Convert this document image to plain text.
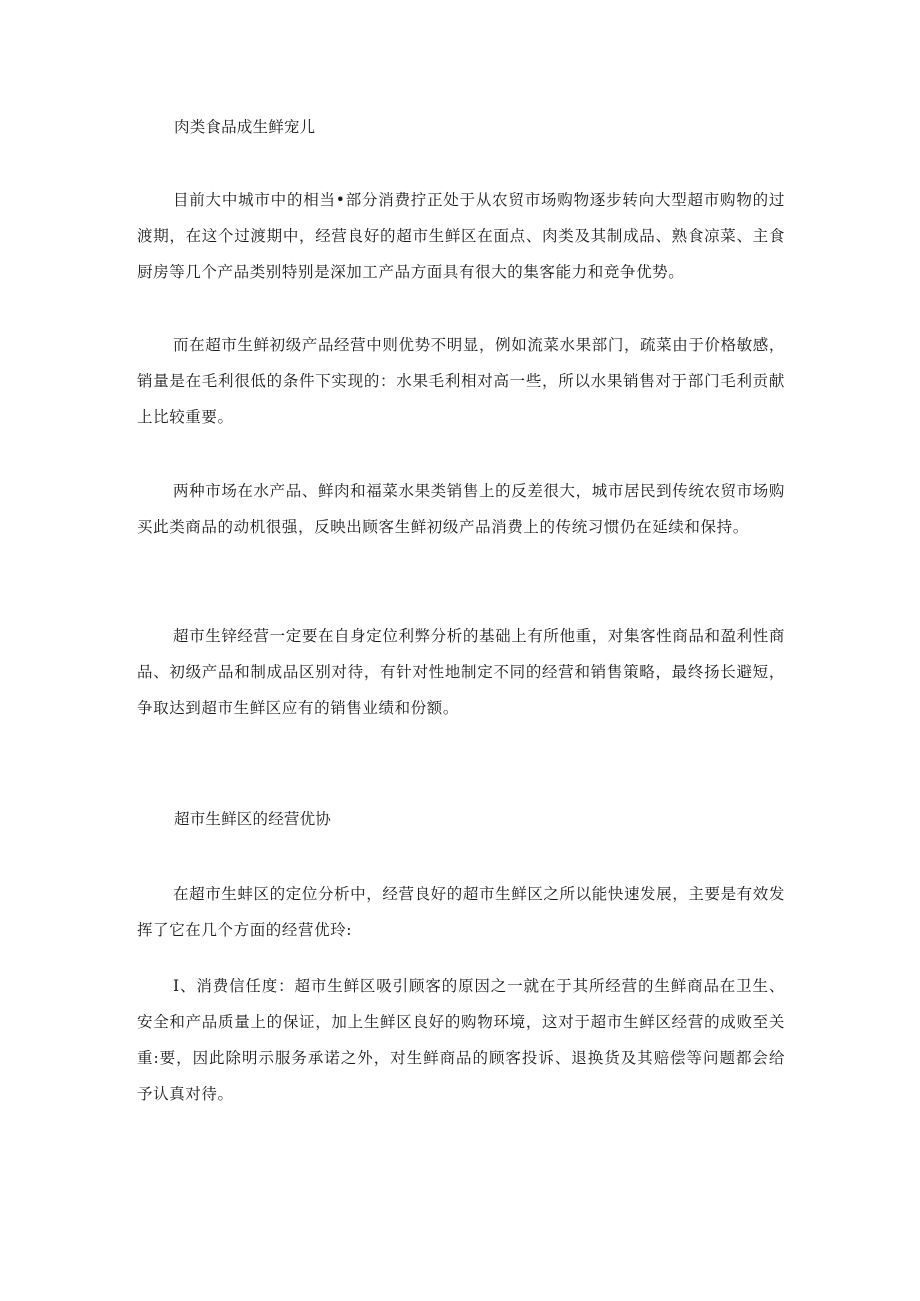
肉类食品成生鲜宠儿

目前大中城市中的相当•部分消费拧正处于从农贸市场购物逐步转向大型超市购物的过渡期，在这个过渡期中，经营良好的超市生鲜区在面点、肉类及其制成品、熟食凉菜、主食厨房等几个产品类别特别是深加工产品方面具有很大的集客能力和竞争优势。

而在超市生鲜初级产品经营中则优势不明显，例如流菜水果部门，疏菜由于价格敏感，销量是在毛利很低的条件下实现的：水果毛利相对高一些，所以水果销售对于部门毛利贡献上比较重要。

两种市场在水产品、鲜肉和福菜水果类销售上的反差很大，城市居民到传统农贸市场购买此类商品的动机很强，反映出顾客生鲜初级产品消费上的传统习惯仍在延续和保持。

超市生锌经营一定要在自身定位利弊分析的基础上有所他重，对集客性商品和盈利性商品、初级产品和制成品区别对待，有针对性地制定不同的经营和销售策略，最终扬长避短，争取达到超市生鲜区应有的销售业绩和份额。

超市生鲜区的经营优协

在超市生蚌区的定位分析中，经营良好的超市生鲜区之所以能快速发展，主要是有效发挥了它在几个方面的经营优玲:

I、消费信任度：超市生鲜区吸引顾客的原因之一就在于其所经营的生鲜商品在卫生、安全和产品质量上的保证，加上生鲜区良好的购物环境，这对于超市生鲜区经营的成败至关重:要，因此除明示服务承诺之外，对生鲜商品的顾客投诉、退换货及其赔偿等问题都会给予认真对待。
